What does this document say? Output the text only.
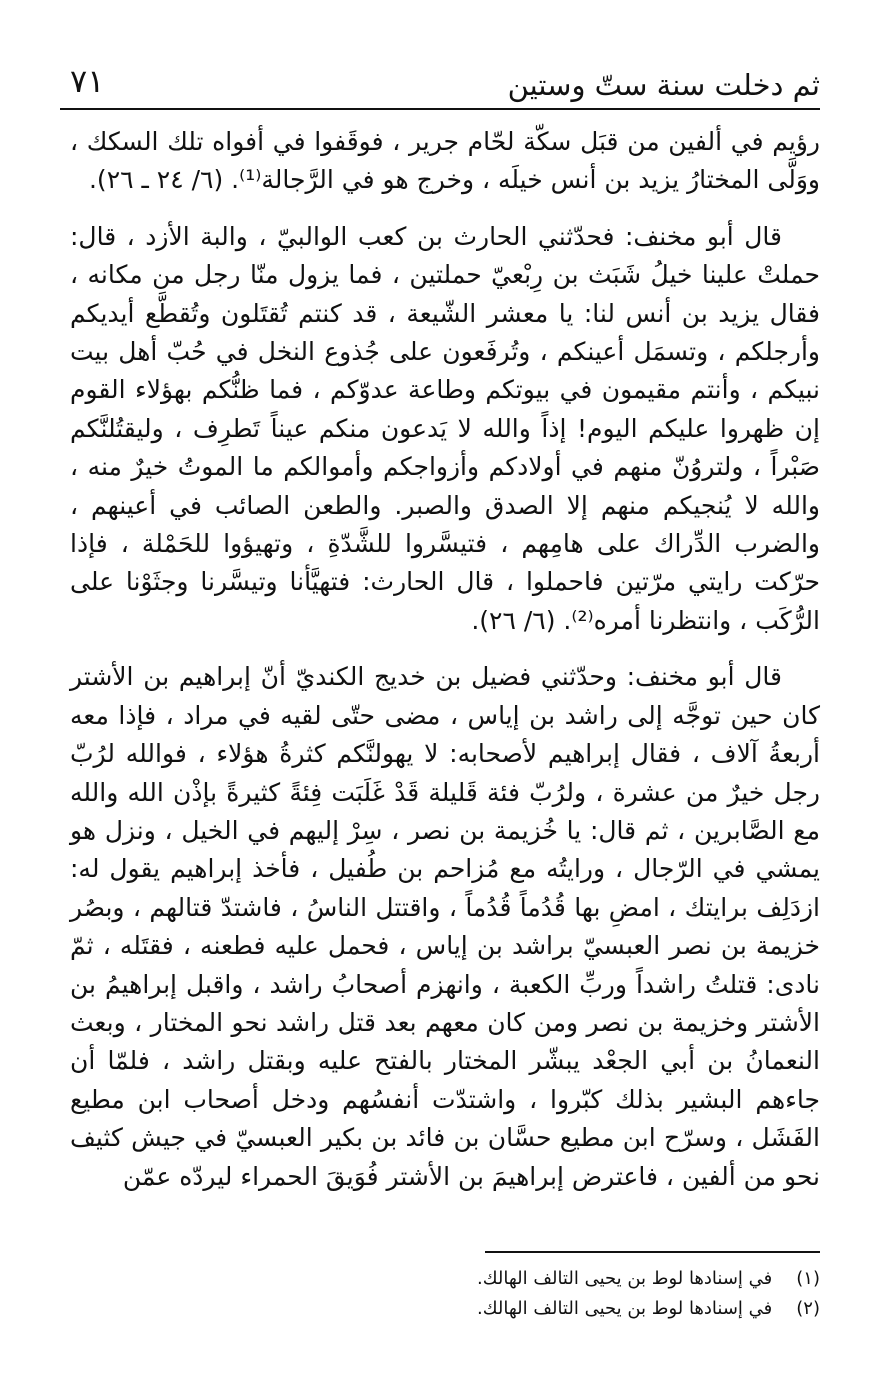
ثم دخلت سنة ستّ وستين
٧١

رؤيم في ألفين من قبَل سكّة لحّام جرير ، فوقَفوا في أفواه تلك السكك ، ووَلَّى المختارُ يزيد بن أنس خيلَه ، وخرج هو في الرَّجالة⁽¹⁾. (٦/ ٢٤ ـ ٢٦).

قال أبو مخنف: فحدّثني الحارث بن كعب الوالبيّ ، والبة الأزد ، قال: حملتْ علينا خيلُ شَبَث بن رِبْعيّ حملتين ، فما يزول منّا رجل من مكانه ، فقال يزيد بن أنس لنا: يا معشر الشّيعة ، قد كنتم تُقتَلون وتُقطَّع أيديكم وأرجلكم ، وتسمَل أعينكم ، وتُرفَعون على جُذوع النخل في حُبّ أهل بيت نبيكم ، وأنتم مقيمون في بيوتكم وطاعة عدوّكم ، فما ظنُّكم بهؤلاء القوم إن ظهروا عليكم اليوم! إذاً والله لا يَدعون منكم عيناً تَطرِف ، وليقتُلنَّكم صَبْراً ، ولتروُنّ منهم في أولادكم وأزواجكم وأموالكم ما الموتُ خيرٌ منه ، والله لا يُنجيكم منهم إلا الصدق والصبر. والطعن الصائب في أعينهم ، والضرب الدِّراك على هامِهم ، فتيسَّروا للشَّدّةِ ، وتهيؤوا للحَمْلة ، فإذا حرّكت رايتي مرّتين فاحملوا ، قال الحارث: فتهيَّأنا وتيسَّرنا وجثَوْنا على الرُّكَب ، وانتظرنا أمره⁽²⁾. (٦/ ٢٦).

قال أبو مخنف: وحدّثني فضيل بن خديج الكنديّ أنّ إبراهيم بن الأشتر كان حين توجَّه إلى راشد بن إياس ، مضى حتّى لقيه في مراد ، فإذا معه أربعةُ آلاف ، فقال إبراهيم لأصحابه: لا يهولنَّكم كثرةُ هؤلاء ، فوالله لرُبّ رجل خيرٌ من عشرة ، ولرُبّ فئة قَليلة قَدْ غَلَبَت فِئةً كثيرةً بإذْن الله والله مع الصَّابرين ، ثم قال: يا خُزيمة بن نصر ، سِرْ إليهم في الخيل ، ونزل هو يمشي في الرّجال ، ورايتُه مع مُزاحم بن طُفيل ، فأخذ إبراهيم يقول له: ازدَلِف برايتك ، امضِ بها قُدُماً قُدُماً ، واقتتل الناسُ ، فاشتدّ قتالهم ، وبصُر خزيمة بن نصر العبسيّ براشد بن إياس ، فحمل عليه فطعنه ، فقتَله ، ثمّ نادى: قتلتُ راشداً وربِّ الكعبة ، وانهزم أصحابُ راشد ، واقبل إبراهيمُ بن الأشتر وخزيمة بن نصر ومن كان معهم بعد قتل راشد نحو المختار ، وبعث النعمانُ بن أبي الجعْد يبشّر المختار بالفتح عليه وبقتل راشد ، فلمّا أن جاءهم البشير بذلك كبّروا ، واشتدّت أنفسُهم ودخل أصحاب ابن مطيع الفَشَل ، وسرّح ابن مطيع حسَّان بن فائد بن بكير العبسيّ في جيش كثيف نحو من ألفين ، فاعترض إبراهيمَ بن الأشتر فُوَيقَ الحمراء ليردّه عمّن

(١) في إسنادها لوط بن يحيى التالف الهالك.
(٢) في إسنادها لوط بن يحيى التالف الهالك.
